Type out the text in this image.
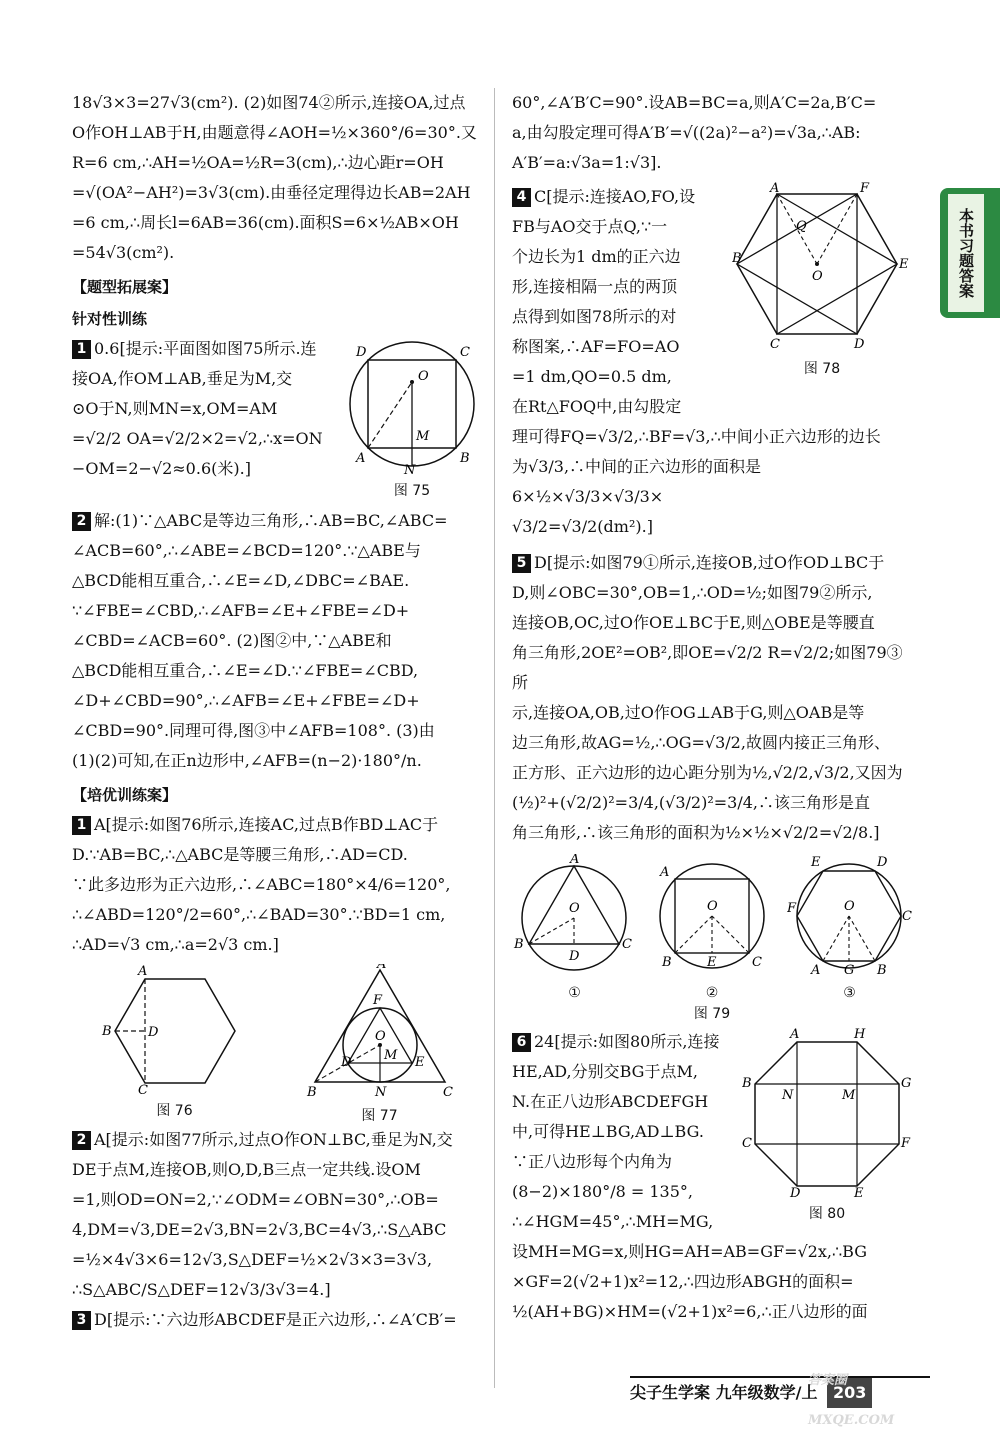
18√3×3=27√3(cm²). (2)如图74②所示,连接OA,过点

O作OH⊥AB于H,由题意得∠AOH=½×360°/6=30°.又

R=6 cm,∴AH=½OA=½R=3(cm),∴边心距r=OH

=√(OA²−AH²)=3√3(cm).由垂径定理得边长AB=2AH

=6 cm,∴周长l=6AB=36(cm).面积S=6×½AB×OH

=54√3(cm²).

【题型拓展案】
针对性训练

1 0.6[提示:平面图如图75所示.连

接OA,作OM⊥AB,垂足为M,交

⊙O于N,则MN=x,OM=AM

=√2/2 OA=√2/2×2=√2,∴x=ON

−OM=2−√2≈0.6(米).]

O
M
N
D	C
A	B
图 75

2 解:(1)∵△ABC是等边三角形,∴AB=BC,∠ABC=

∠ACB=60°,∴∠ABE=∠BCD=120°.∵△ABE与

△BCD能相互重合,∴∠E=∠D,∠DBC=∠BAE.

∵∠FBE=∠CBD,∴∠AFB=∠E+∠FBE=∠D+

∠CBD=∠ACB=60°. (2)图②中,∵△ABE和

△BCD能相互重合,∴∠E=∠D.∵∠FBE=∠CBD,

∠D+∠CBD=90°,∴∠AFB=∠E+∠FBE=∠D+

∠CBD=90°.同理可得,图③中∠AFB=108°. (3)由

(1)(2)可知,在正n边形中,∠AFB=(n−2)·180°/n.

【培优训练案】

1 A[提示:如图76所示,连接AC,过点B作BD⊥AC于

D.∵AB=BC,∴△ABC是等腰三角形,∴AD=CD.

∵此多边形为正六边形,∴∠ABC=180°×4/6=120°,

∴∠ABD=120°/2=60°,∴∠BAD=30°.∵BD=1 cm,

∴AD=√3 cm,∴a=2√3 cm.]

A
B	D
C
图 76
A
F
O
M E
D
B	N	C
图 77

2 A[提示:如图77所示,过点O作ON⊥BC,垂足为N,交

DE于点M,连接OB,则O,D,B三点一定共线.设OM

=1,则OD=ON=2,∵∠ODM=∠OBN=30°,∴OB=

4,DM=√3,DE=2√3,BN=2√3,BC=4√3,∴S△ABC

=½×4√3×6=12√3,S△DEF=½×2√3×3=3√3,

∴S△ABC/S△DEF=12√3/3√3=4.]

3 D[提示:∵六边形ABCDEF是正六边形,∴∠A′CB′=

60°,∠A′B′C=90°.设AB=BC=a,则A′C=2a,B′C=

a,由勾股定理可得A′B′=√((2a)²−a²)=√3a,∴AB:

A′B′=a:√3a=1:√3].

4 C[提示:连接AO,FO,设

FB与AO交于点Q,∵一

个边长为1 dm的正六边

形,连接相隔一点的两顶

点得到如图78所示的对

称图案,∴AF=FO=AO

=1 dm,QO=0.5 dm,

在Rt△FOQ中,由勾股定

A	F
Q
O
B	E
C	D
图 78

理可得FQ=√3/2,∴BF=√3,∴中间小正六边形的边长

为√3/3,∴中间的正六边形的面积是6×½×√3/3×√3/3×

√3/2=√3/2(dm²).]

5 D[提示:如图79①所示,连接OB,过O作OD⊥BC于

D,则∠OBC=30°,OB=1,∴OD=½;如图79②所示,

连接OB,OC,过O作OE⊥BC于E,则△OBE是等腰直

角三角形,2OE²=OB²,即OE=√2/2 R=√2/2;如图79③所

示,连接OA,OB,过O作OG⊥AB于G,则△OAB是等

边三角形,故AG=½,∴OG=√3/2,故圆内接正三角形、

正方形、正六边形的边心距分别为½,√2/2,√3/2,又因为

(½)²+(√2/2)²=3/4,(√3/2)²=3/4,∴该三角形是直

角三角形,∴该三角形的面积为½×½×√2/2=√2/8.]

A
O
B	C
D
①
A
O
B	C
E
②
E	D
O
F
C
A G B
③
图 79

6 24[提示:如图80所示,连接

HE,AD,分别交BG于点M,

N.在正八边形ABCDEFGH

中,可得HE⊥BG,AD⊥BG.

∵正八边形每个内角为

(8−2)×180°/8 = 135°,

∴∠HGM=45°,∴MH=MG,

A	H
B	G
C	F
N	M
D	E
图 80

设MH=MG=x,则HG=AH=AB=GF=√2x,∴BG

×GF=2(√2+1)x²=12,∴四边形ABGH的面积=

½(AH+BG)×HM=(√2+1)x²=6,∴正八边形的面

本书习题答案
尖子生学案 九年级数学/上 203
答案圈
MXQE.COM
